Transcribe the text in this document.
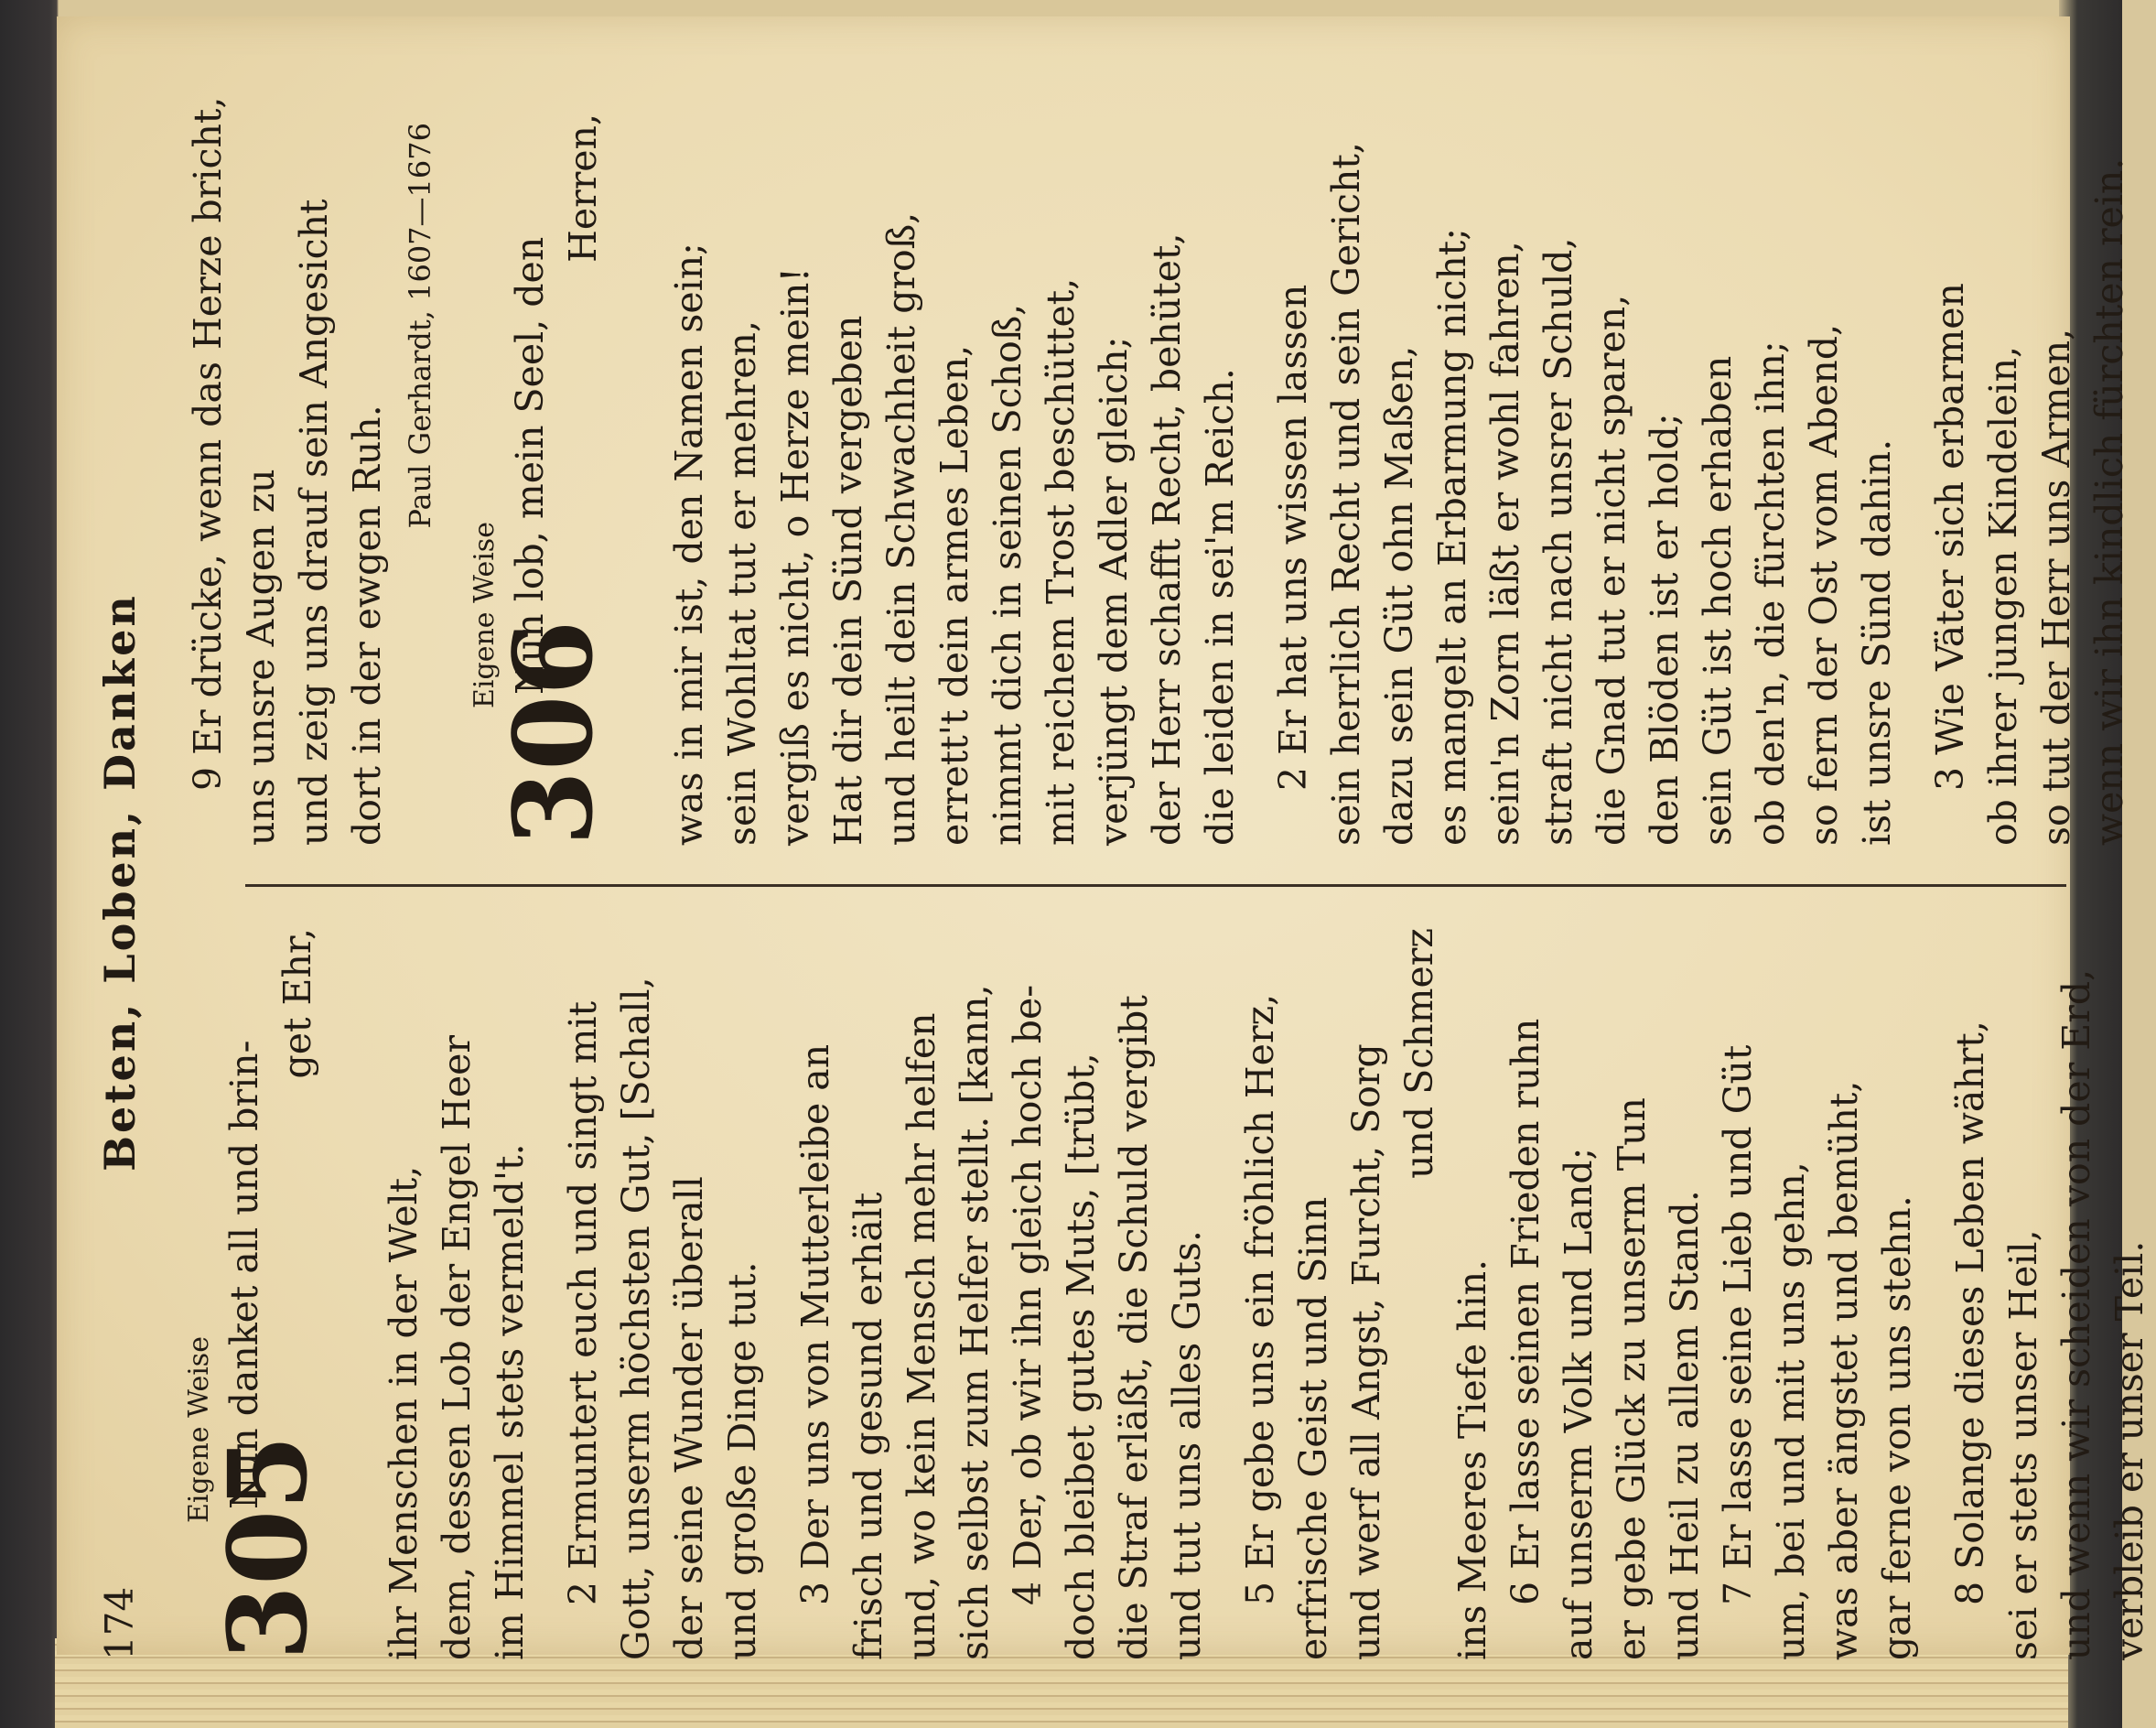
174
Beten, Loben, Danken
Eigene Weise
305
Nun danket all und brin-
get Ehr,
ihr Menschen in der Welt, dem, dessen Lob der Engel Heer im Himmel stets vermeld't. 2 Ermuntert euch und singt mit Gott, unserm höchsten Gut, [Schall, der seine Wunder überall und große Dinge tut. 3 Der uns von Mutterleibe an frisch und gesund erhält und, wo kein Mensch mehr helfen sich selbst zum Helfer stellt. [kann, 4 Der, ob wir ihn gleich hoch be- doch bleibet gutes Muts, [trübt, die Straf erläßt, die Schuld vergibt und tut uns alles Guts. 5 Er gebe uns ein fröhlich Herz, erfrische Geist und Sinn und werf all Angst, Furcht, Sorg und Schmerz
ins Meeres Tiefe hin. 6 Er lasse seinen Frieden ruhn auf unserm Volk und Land; er gebe Glück zu unserm Tun und Heil zu allem Stand. 7 Er lasse seine Lieb und Güt um, bei und mit uns gehn, was aber ängstet und bemüht, gar ferne von uns stehn. 8 Solange dieses Leben währt, sei er stets unser Heil, und wenn wir scheiden von der Erd, verbleib er unser Teil.
9 Er drücke, wenn das Herze bricht, uns unsre Augen zu und zeig uns drauf sein Angesicht dort in der ewgen Ruh.
Paul Gerhardt, 1607—1676
Eigene Weise
306
Nun lob, mein Seel, den
Herren,
was in mir ist, den Namen sein; sein Wohltat tut er mehren, vergiß es nicht, o Herze mein! Hat dir dein Sünd vergeben und heilt dein Schwachheit groß, errett't dein armes Leben, nimmt dich in seinen Schoß, mit reichem Trost beschüttet, verjüngt dem Adler gleich; der Herr schafft Recht, behütet, die leiden in sei'm Reich. 2 Er hat uns wissen lassen sein herrlich Recht und sein Gericht, dazu sein Güt ohn Maßen, es mangelt an Erbarmung nicht; sein'n Zorn läßt er wohl fahren, straft nicht nach unsrer Schuld, die Gnad tut er nicht sparen, den Blöden ist er hold; sein Güt ist hoch erhaben ob den'n, die fürchten ihn; so fern der Ost vom Abend, ist unsre Sünd dahin. 3 Wie Väter sich erbarmen ob ihrer jungen Kindelein, so tut der Herr uns Armen, wenn wir ihn kindlich fürchten rein.
